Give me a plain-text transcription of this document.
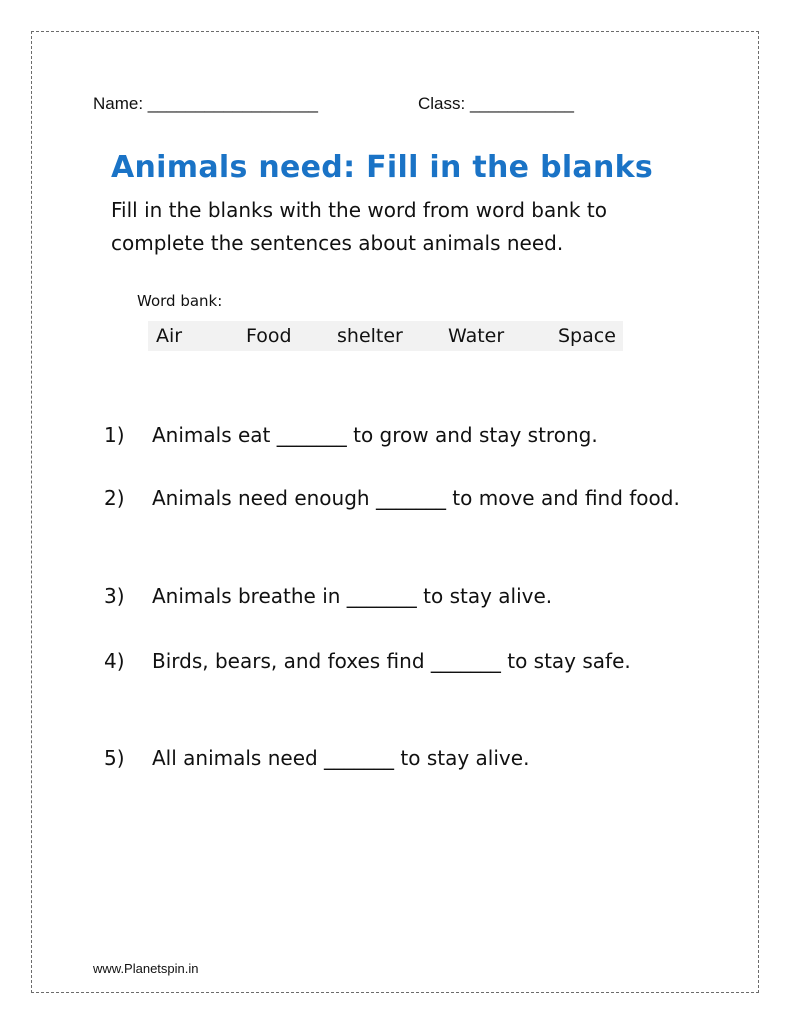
Name: __________________	Class: ___________
Animals need: Fill in the blanks

Fill in the blanks with the word from word bank to complete the sentences about animals need.

Word bank:
Air	Food shelter Water	Space
1) Animals eat _______ to grow and stay strong.
2) Animals need enough _______ to move and find food.
3) Animals breathe in _______ to stay alive.
4) Birds, bears, and foxes find _______ to stay safe.
5) All animals need _______ to stay alive.
www.Planetspin.in
